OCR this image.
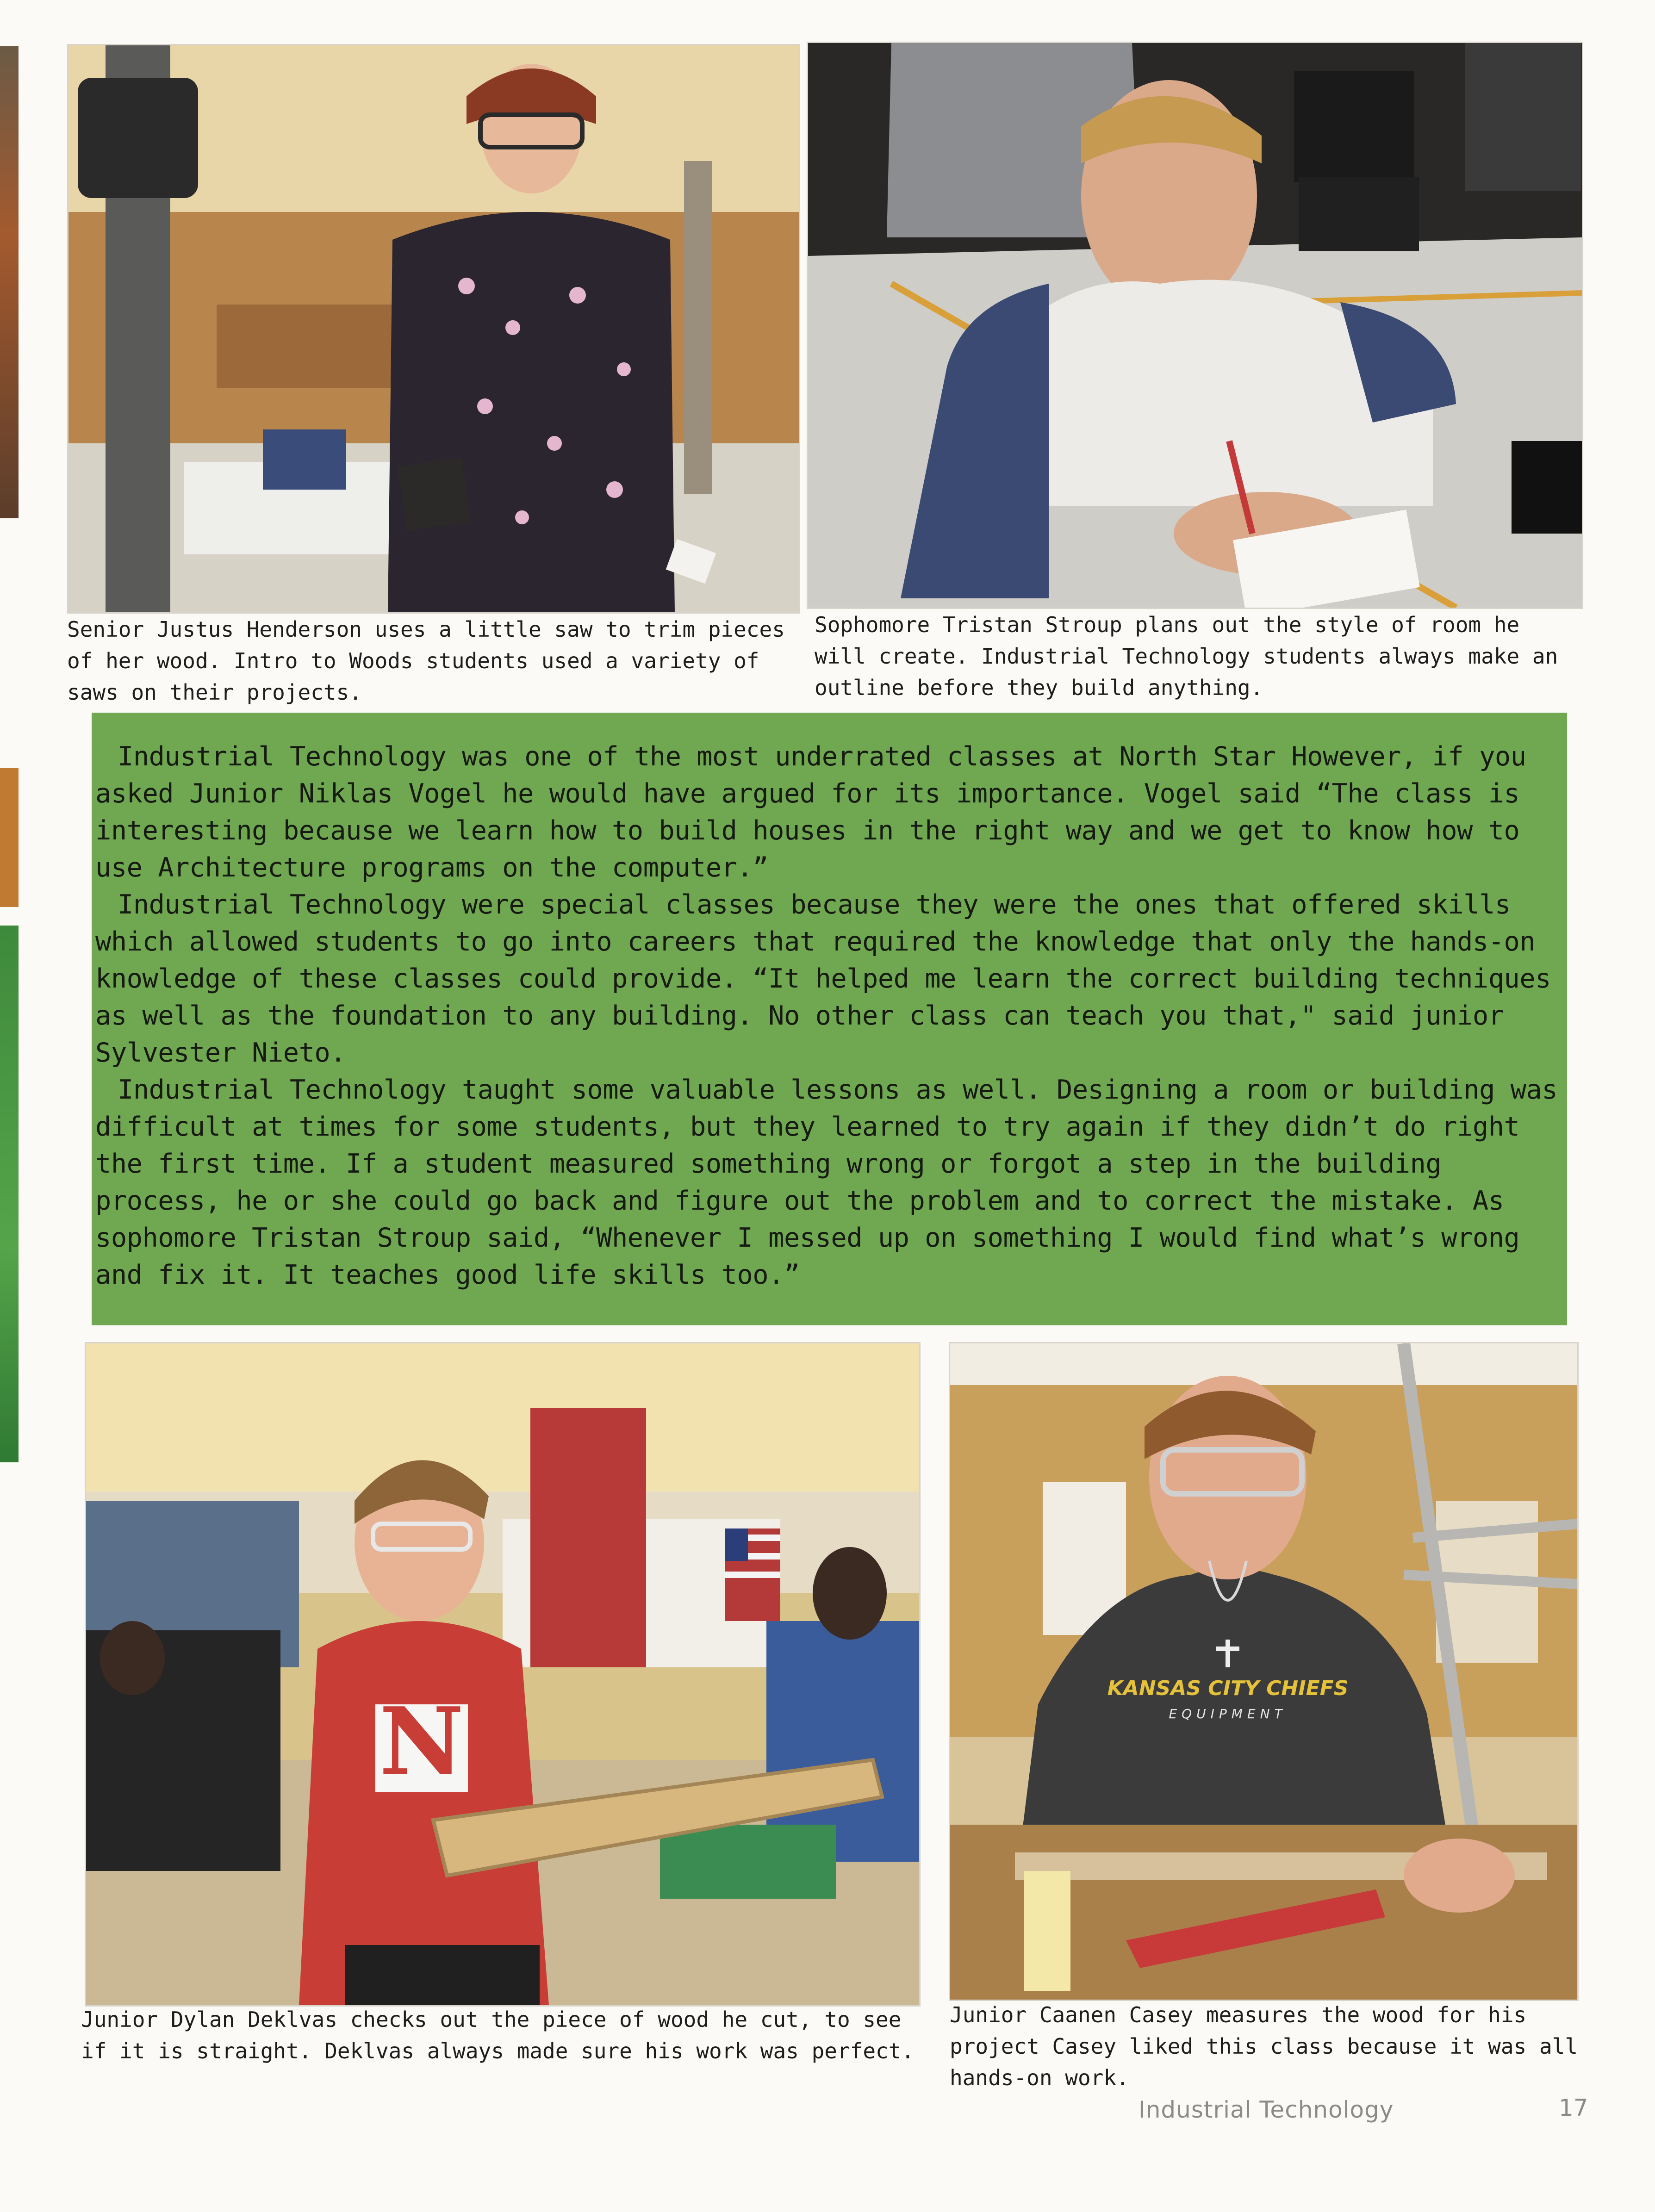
Senior Justus Henderson uses a little saw to trim pieces of her wood. Intro to Woods students used a variety of saws on their projects.

Sophomore Tristan Stroup plans out the style of room he will create. Industrial Technology students always make an outline before they build anything.

Industrial Technology was one of the most underrated classes at North Star However, if you asked Junior Niklas Vogel he would have argued for its importance. Vogel said “The class is interesting because we learn how to build houses in the right way and we get to know how to use Architecture programs on the computer.”

Industrial Technology were special classes because they were the ones that offered skills which allowed students to go into careers that required the knowledge that only the hands-on knowledge of these classes could provide. “It helped me learn the correct building techniques as well as the foundation to any building. No other class can teach you that," said junior Sylvester Nieto.

Industrial Technology taught some valuable lessons as well. Designing a room or building was difficult at times for some students, but they learned to try again if they didn’t do right the first time. If a student measured something wrong or forgot a step in the building process, he or she could go back and figure out the problem and to correct the mistake. As sophomore Tristan Stroup said, “Whenever I messed up on something I would find what’s wrong and fix it. It teaches good life skills too.”

N	KANSAS CITY CHIEFS
EQUIPMENT

Junior Dylan Deklvas checks out the piece of wood he cut, to see if it is straight. Deklvas always made sure his work was perfect.

Junior Caanen Casey measures the wood for his project Casey liked this class because it was all hands-on work.

Industrial Technology	17
